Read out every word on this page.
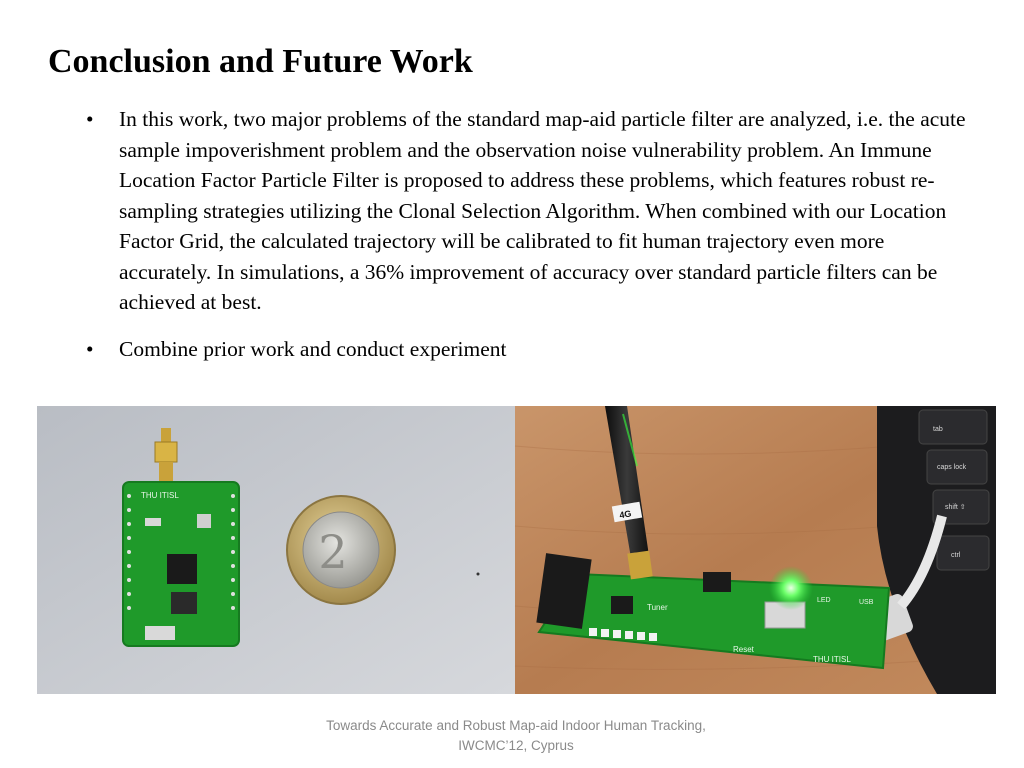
Conclusion and Future Work
• In this work, two major problems of the standard map-aid particle filter are analyzed, i.e. the acute sample impoverishment problem and the observation noise vulnerability problem. An Immune Location Factor Particle Filter is proposed to address these problems, which features robust re-sampling strategies utilizing the Clonal Selection Algorithm. When combined with our Location Factor Grid, the calculated trajectory will be calibrated to fit human trajectory even more accurately. In simulations, a 36% improvement of accuracy over standard particle filters can be achieved at best.
• Combine prior work and conduct experiment
THU ITISL
2
tab
caps lock
shift ⇧
ctrl
Tuner
Reset
LED	USB
THU ITISL
4G
Towards Accurate and Robust Map-aid Indoor Human Tracking,
IWCMC’12, Cyprus
